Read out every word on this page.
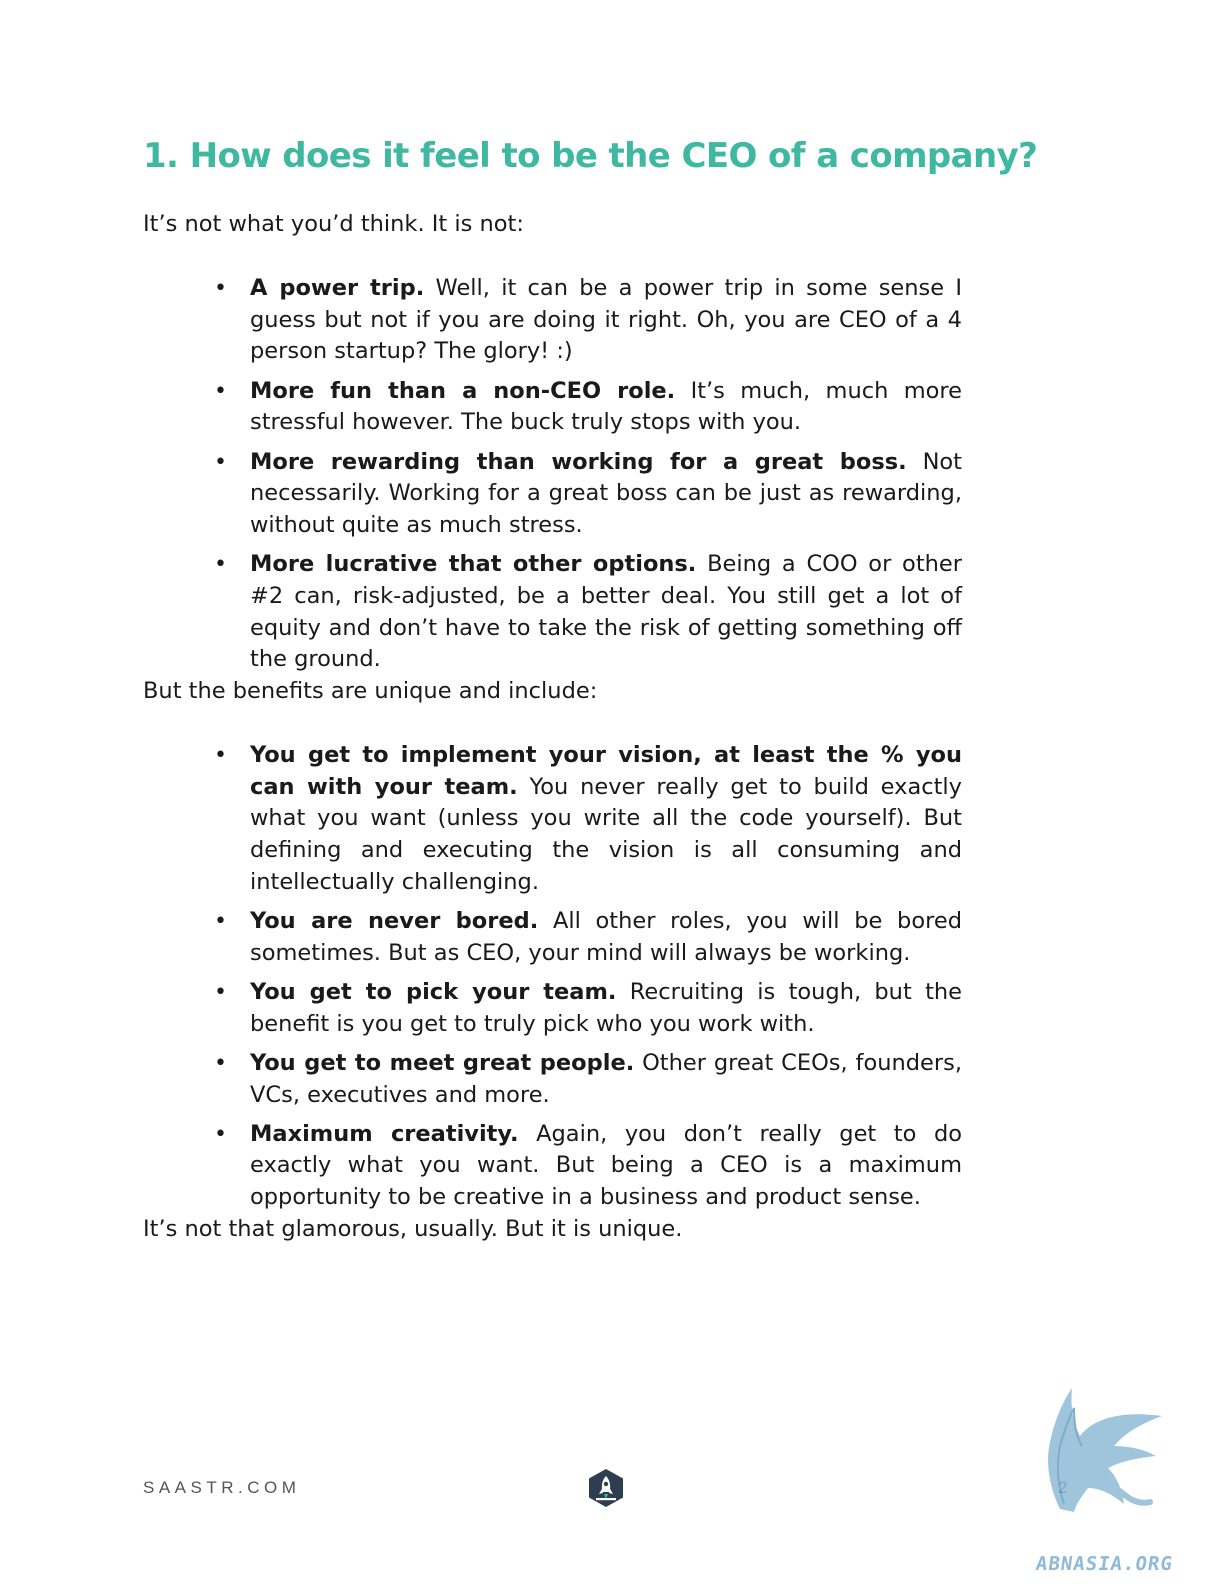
1. How does it feel to be the CEO of a company?

It’s not what you’d think. It is not:

• A power trip. Well, it can be a power trip in some sense I guess but not if you are doing it right. Oh, you are CEO of a 4 person startup? The glory! :)
• More fun than a non-CEO role. It’s much, much more stressful however. The buck truly stops with you.
• More rewarding than working for a great boss. Not necessarily. Working for a great boss can be just as rewarding, without quite as much stress.
• More lucrative that other options. Being a COO or other #2 can, risk-adjusted, be a better deal. You still get a lot of equity and don’t have to take the risk of getting something off the ground.

But the benefits are unique and include:

• You get to implement your vision, at least the % you can with your team. You never really get to build exactly what you want (unless you write all the code yourself). But defining and executing the vision is all consuming and intellectually challenging.
• You are never bored. All other roles, you will be bored sometimes. But as CEO, your mind will always be working.
• You get to pick your team. Recruiting is tough, but the benefit is you get to truly pick who you work with.
• You get to meet great people. Other great CEOs, founders, VCs, executives and more.
• Maximum creativity. Again, you don’t really get to do exactly what you want. But being a CEO is a maximum opportunity to be creative in a business and product sense.

It’s not that glamorous, usually. But it is unique.

SAASTR.COM
ABNASIA.ORG
